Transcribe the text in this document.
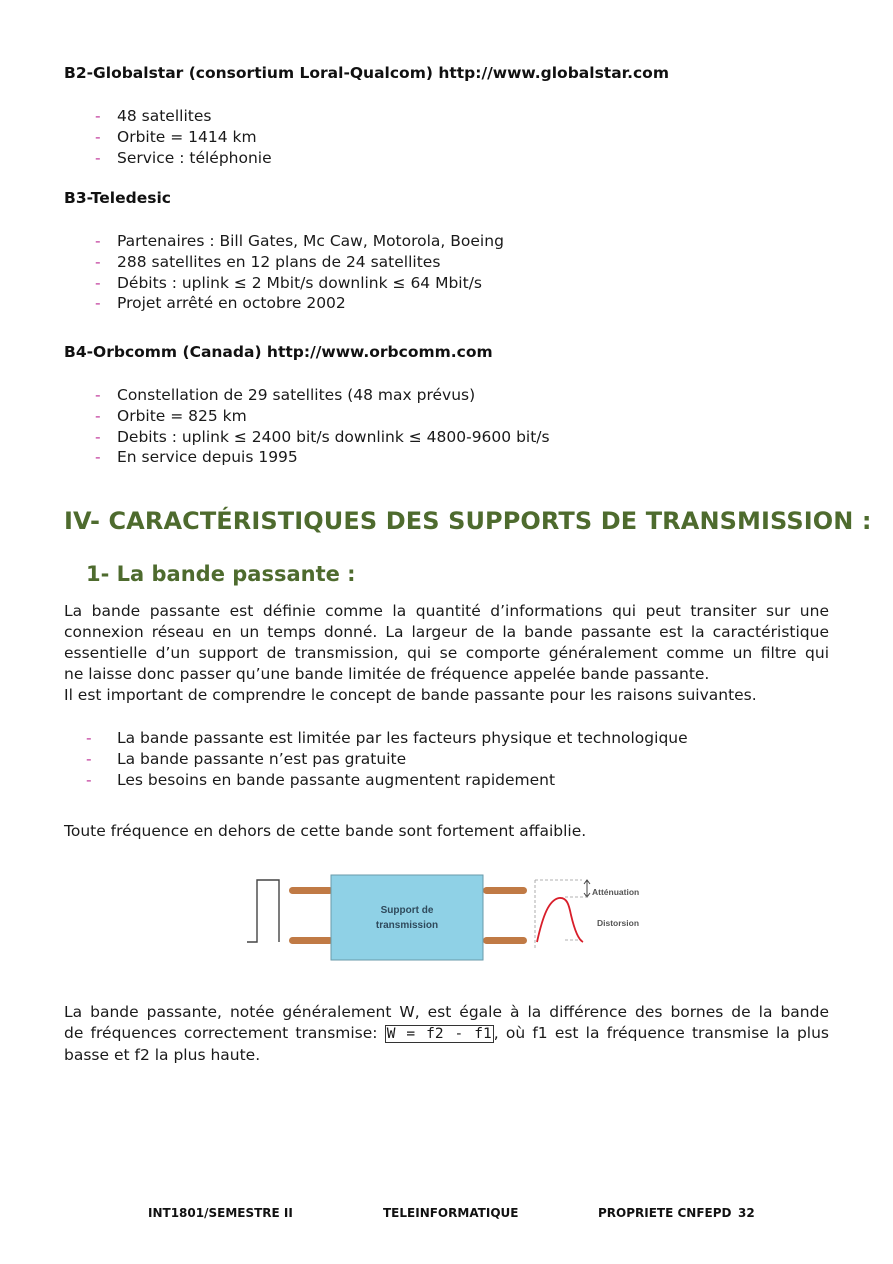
B2-Globalstar (consortium Loral-Qualcom) http://www.globalstar.com
- 48 satellites
- Orbite = 1414 km
- Service : téléphonie
B3-Teledesic
- Partenaires : Bill Gates, Mc Caw, Motorola, Boeing
- 288 satellites en 12 plans de 24 satellites
- Débits : uplink ≤ 2 Mbit/s downlink ≤ 64 Mbit/s
- Projet arrêté en octobre 2002
B4-Orbcomm (Canada) http://www.orbcomm.com
- Constellation de 29 satellites (48 max prévus)
- Orbite = 825 km
- Debits : uplink ≤ 2400 bit/s downlink ≤ 4800-9600 bit/s
- En service depuis 1995
IV- CARACTÉRISTIQUES DES SUPPORTS DE TRANSMISSION :
1- La bande passante :
La bande passante est définie comme la quantité d’informations qui peut transiter sur une
connexion réseau en un temps donné. La largeur de la bande passante est la caractéristique
essentielle d’un support de transmission, qui se comporte généralement comme un filtre qui
ne laisse donc passer qu’une bande limitée de fréquence appelée bande passante.
Il est important de comprendre le concept de bande passante pour les raisons suivantes.
- La bande passante est limitée par les facteurs physique et technologique
- La bande passante n’est pas gratuite
- Les besoins en bande passante augmentent rapidement
Toute fréquence en dehors de cette bande sont fortement affaiblie.
Support de
transmission
Atténuation
Distorsion
La bande passante, notée généralement W, est égale à la différence des bornes de la bande
de fréquences correctement transmise: W = f2 - f1 , où f1 est la fréquence transmise la plus
basse et f2 la plus haute.
INT1801/SEMESTRE II	TELEINFORMATIQUE	PROPRIETE CNFEPD 32
